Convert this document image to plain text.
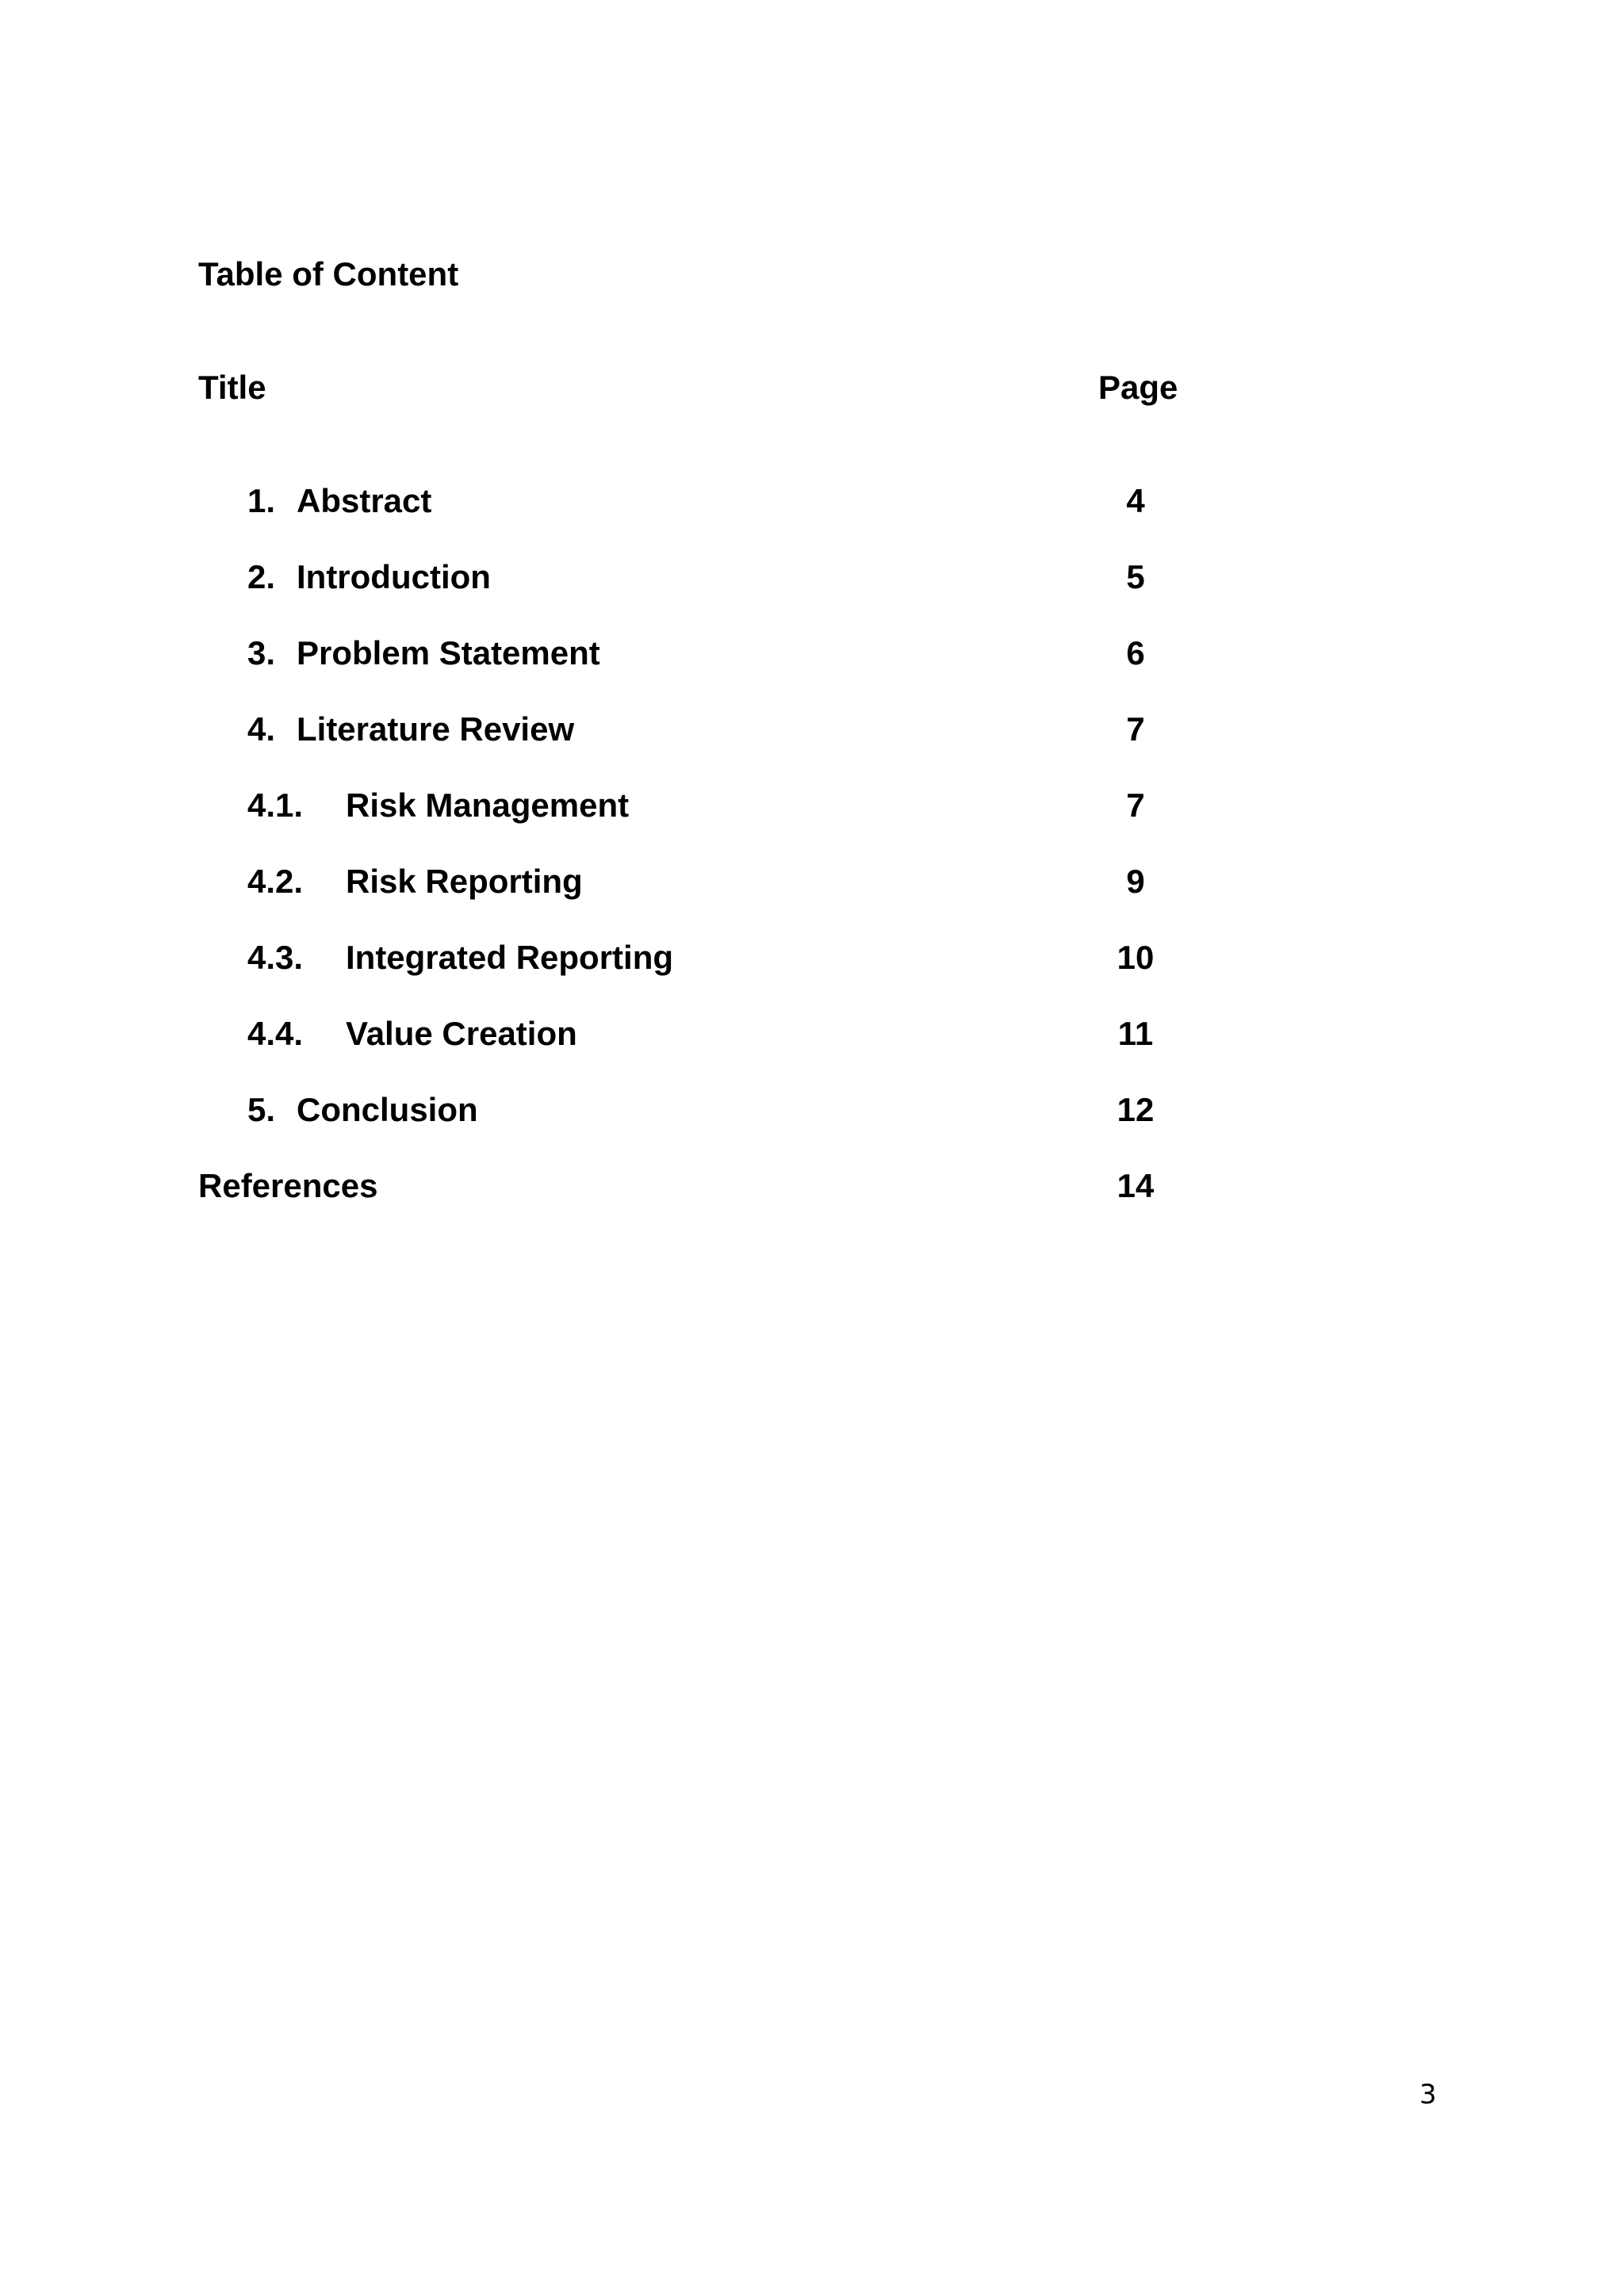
Table of Content
Title	Page
1. Abstract	4
2. Introduction	5
3. Problem Statement	6
4. Literature Review	7
4.1. Risk Management	7
4.2. Risk Reporting	9
4.3. Integrated Reporting	10
4.4. Value Creation	11
5. Conclusion	12
References	14
3
